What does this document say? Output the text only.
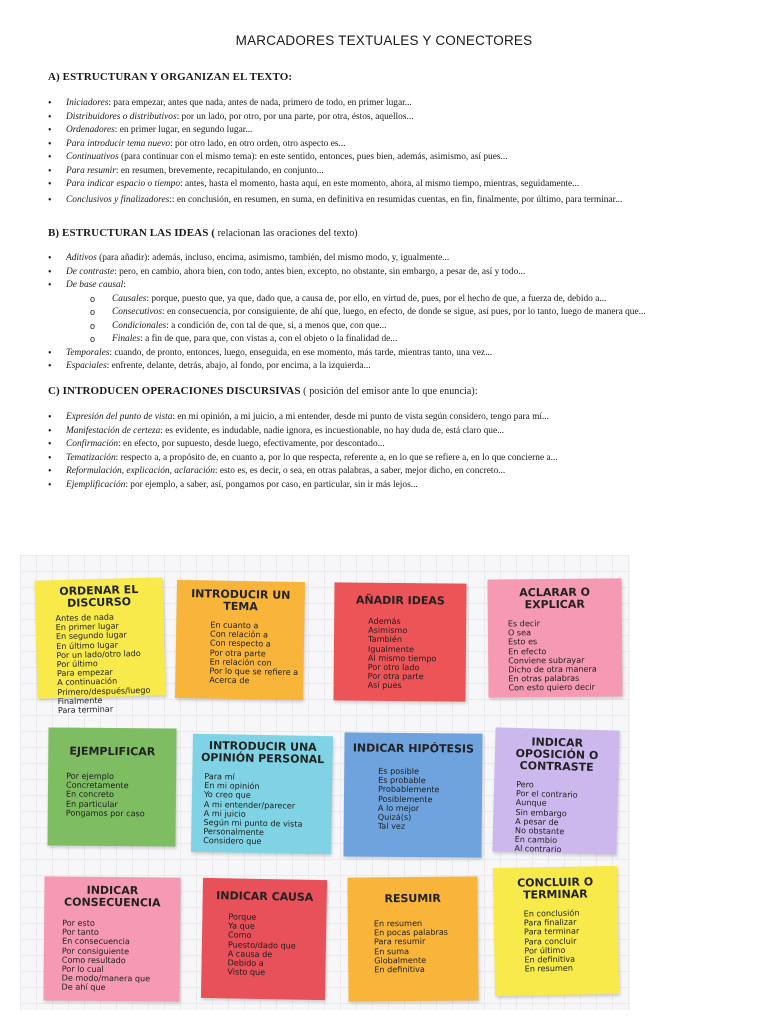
MARCADORES TEXTUALES Y CONECTORES
A) ESTRUCTURAN Y ORGANIZAN EL TEXTO:
• Iniciadores: para empezar, antes que nada, antes de nada, primero de todo, en primer lugar...
• Distribuidores o distributivos: por un lado, por otro, por una parte, por otra, éstos, aquellos...
• Ordenadores: en primer lugar, en segundo lugar...
• Para introducir tema nuevo: por otro lado, en otro orden, otro aspecto es...
• Continuativos (para continuar con el mismo tema): en este sentido, entonces, pues bien, además, asimismo, así pues...
• Para resumir: en resumen, brevemente, recapitulando, en conjunto...
• Para indicar espacio o tiempo: antes, hasta el momento, hasta aquí, en este momento, ahora, al mismo tiempo, mientras, seguidamente...
• Conclusivos y finalizadores:: en conclusión, en resumen, en suma, en definitiva en resumidas cuentas, en fin, finalmente, por último, para terminar...
B) ESTRUCTURAN LAS IDEAS ( relacionan las oraciones del texto)
• Aditivos (para añadir): además, incluso, encima, asimismo, también, del mismo modo, y, igualmente...
• De contraste: pero, en cambio, ahora bien, con todo, antes bien, excepto, no obstante, sin embargo, a pesar de, así y todo...
• De base causal:
o Causales: porque, puesto que, ya que, dado que, a causa de, por ello, en virtud de, pues, por el hecho de que, a fuerza de, debido a...
o Consecutivos: en consecuencia, por consiguiente, de ahí que, luego, en efecto, de donde se sigue, así pues, por lo tanto, luego de manera que...
o Condicionales: a condición de, con tal de que, si, a menos que, con que...
o Finales: a fin de que, para que, con vistas a, con el objeto o la finalidad de...
• Temporales: cuando, de pronto, entonces, luego, enseguida, en ese momento, más tarde, mientras tanto, una vez...
• Espaciales: enfrente, delante, detrás, abajo, al fondo, por encima, a la izquierda...
C) INTRODUCEN OPERACIONES DISCURSIVAS ( posición del emisor ante lo que enuncia):
• Expresión del punto de vista: en mi opinión, a mi juicio, a mi entender, desde mi punto de vista según considero, tengo para mí...
• Manifestación de certeza: es evidente, es indudable, nadie ignora, es incuestionable, no hay duda de, está claro que...
• Confirmación: en efecto, por supuesto, desde luego, efectivamente, por descontado...
• Tematización: respecto a, a propósito de, en cuanto a, por lo que respecta, referente a, en lo que se refiere a, en lo que concierne a...
• Reformulación, explicación, aclaración: esto es, es decir, o sea, en otras palabras, a saber, mejor dicho, en concreto...
• Ejemplificación: por ejemplo, a saber, así, pongamos por caso, en particular, sin ir más lejos...
ORDENAR EL DISCURSO
Antes de nada
En primer lugar
En segundo lugar
En último lugar
Por un lado/otro lado
Por último
Para empezar
A continuación
Primero/después/luego
Finalmente
Para terminar
INTRODUCIR UN TEMA
En cuanto a
Con relación a
Con respecto a
Por otra parte
En relación con
Por lo que se refiere a
Acerca de
AÑADIR IDEAS
Además
Asimismo
También
Igualmente
Al mismo tiempo
Por otro lado
Por otra parte
Así pues
ACLARAR O EXPLICAR
Es decir
O sea
Esto es
En efecto
Conviene subrayar
Dicho de otra manera
En otras palabras
Con esto quiero decir
EJEMPLIFICAR
Por ejemplo
Concretamente
En concreto
En particular
Pongamos por caso
INTRODUCIR UNA OPINIÓN PERSONAL
Para mí
En mi opinión
Yo creo que
A mi entender/parecer
A mi juicio
Según mi punto de vista
Personalmente
Considero que
INDICAR HIPÓTESIS
Es posible
Es probable
Probablemente
Posiblemente
A lo mejor
Quizá(s)
Tal vez
INDICAR OPOSICIÓN O CONTRASTE
Pero
Por el contrario
Aunque
Sin embargo
A pesar de
No obstante
En cambio
Al contrario
INDICAR CONSECUENCIA
Por esto
Por tanto
En consecuencia
Por consiguiente
Como resultado
Por lo cual
De modo/manera que
De ahí que
INDICAR CAUSA
Porque
Ya que
Como
Puesto/dado que
A causa de
Debido a
Visto que
RESUMIR
En resumen
En pocas palabras
Para resumir
En suma
Globalmente
En definitiva
CONCLUIR O TERMINAR
En conclusión
Para finalizar
Para terminar
Para concluir
Por último
En definitiva
En resumen
